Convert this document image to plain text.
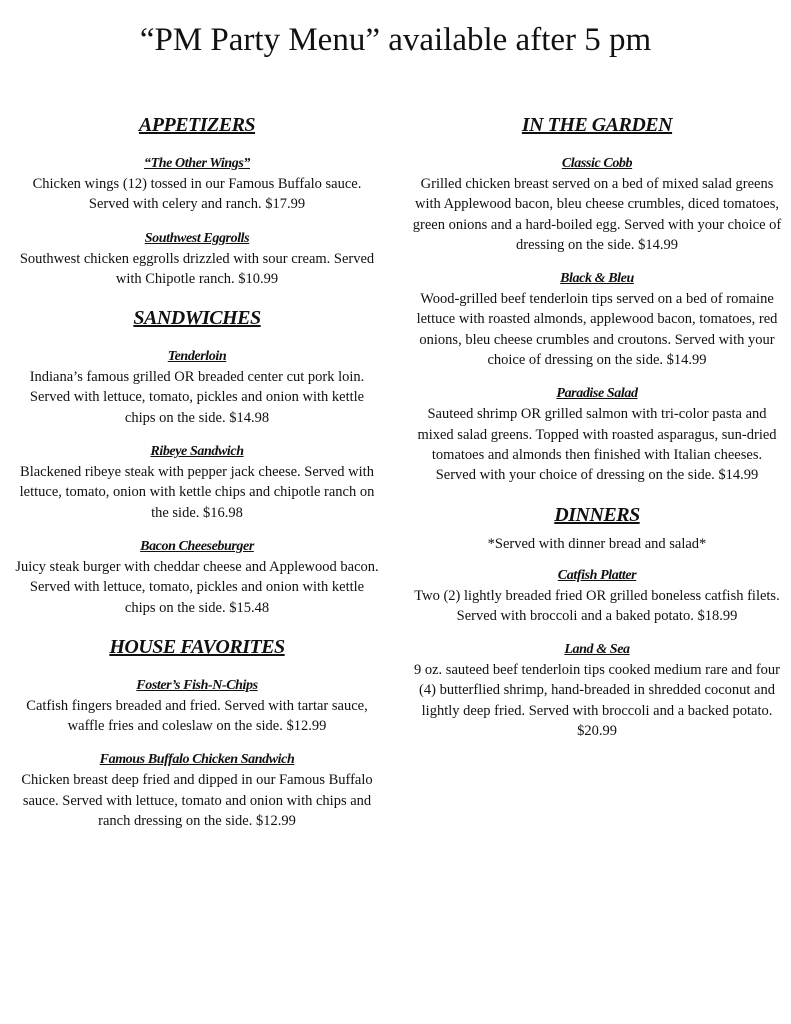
“PM Party Menu” available after 5 pm
APPETIZERS
“The Other Wings”
Chicken wings (12) tossed in our Famous Buffalo sauce. Served with celery and ranch. $17.99
Southwest Eggrolls
Southwest chicken eggrolls drizzled with sour cream. Served with Chipotle ranch. $10.99
SANDWICHES
Tenderloin
Indiana’s famous grilled OR breaded center cut pork loin. Served with lettuce, tomato, pickles and onion with kettle chips on the side. $14.98
Ribeye Sandwich
Blackened ribeye steak with pepper jack cheese. Served with lettuce, tomato, onion with kettle chips and chipotle ranch on the side. $16.98
Bacon Cheeseburger
Juicy steak burger with cheddar cheese and Applewood bacon. Served with lettuce, tomato, pickles and onion with kettle chips on the side. $15.48
HOUSE FAVORITES
Foster’s Fish-N-Chips
Catfish fingers breaded and fried. Served with tartar sauce, waffle fries and coleslaw on the side. $12.99
Famous Buffalo Chicken Sandwich
Chicken breast deep fried and dipped in our Famous Buffalo sauce. Served with lettuce, tomato and onion with chips and ranch dressing on the side. $12.99
IN THE GARDEN
Classic Cobb
Grilled chicken breast served on a bed of mixed salad greens with Applewood bacon, bleu cheese crumbles, diced tomatoes, green onions and a hard-boiled egg. Served with your choice of dressing on the side. $14.99
Black & Bleu
Wood-grilled beef tenderloin tips served on a bed of romaine lettuce with roasted almonds, applewood bacon, tomatoes, red onions, bleu cheese crumbles and croutons. Served with your choice of dressing on the side. $14.99
Paradise Salad
Sauteed shrimp OR grilled salmon with tri-color pasta and mixed salad greens. Topped with roasted asparagus, sun-dried tomatoes and almonds then finished with Italian cheeses. Served with your choice of dressing on the side. $14.99
DINNERS
*Served with dinner bread and salad*
Catfish Platter
Two (2) lightly breaded fried OR grilled boneless catfish filets. Served with broccoli and a baked potato. $18.99
Land & Sea
9 oz. sauteed beef tenderloin tips cooked medium rare and four (4) butterflied shrimp, hand-breaded in shredded coconut and lightly deep fried. Served with broccoli and a backed potato. $20.99
